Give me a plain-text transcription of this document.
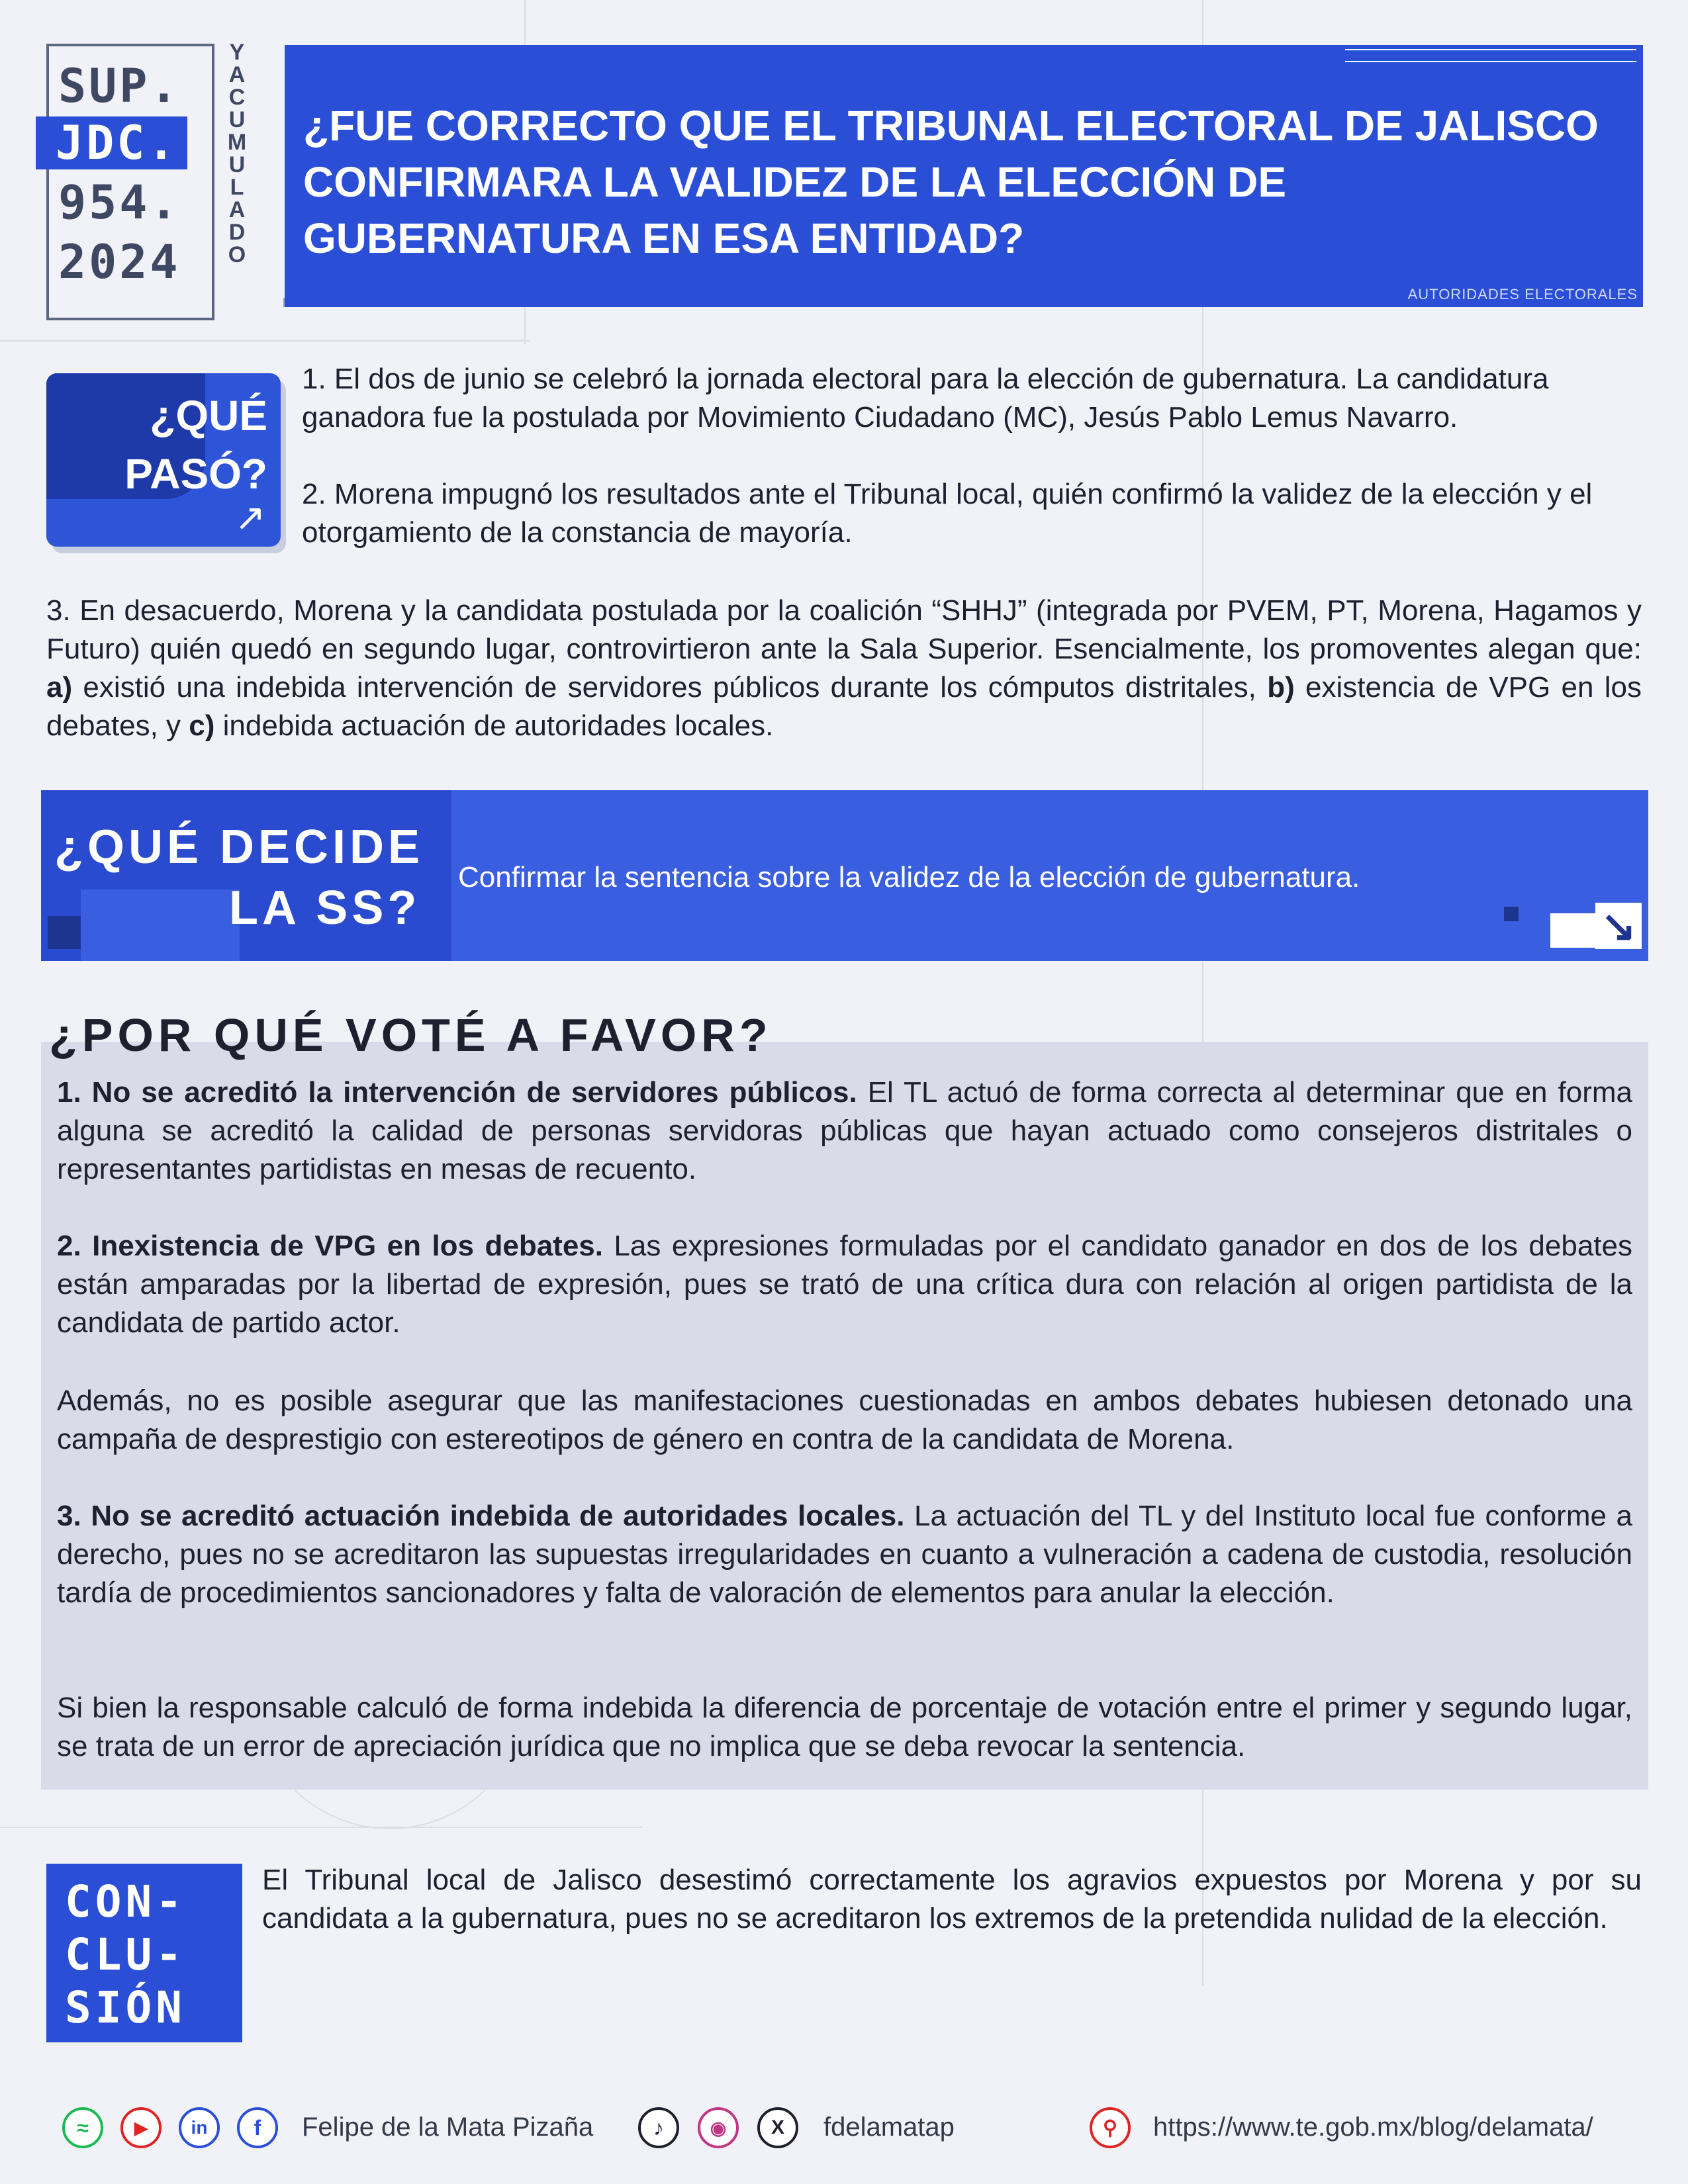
SUP.
JDC.
954.
2024
Y
A
C
U
M
U
L
A
D
O
¿FUE CORRECTO QUE EL TRIBUNAL ELECTORAL DE JALISCO CONFIRMARA LA VALIDEZ DE LA ELECCIÓN DE GUBERNATURA EN ESA ENTIDAD?
AUTORIDADES ELECTORALES
¿QUÉ
PASÓ?
↗
1. El dos de junio se celebró la jornada electoral para la elección de gubernatura. La candidatura ganadora fue la postulada por Movimiento Ciudadano (MC), Jesús Pablo Lemus Navarro.
2. Morena impugnó los resultados ante el Tribunal local, quién confirmó la validez de la elección y el otorgamiento de la constancia de mayoría.
3. En desacuerdo, Morena y la candidata postulada por la coalición “SHHJ” (integrada por PVEM, PT, Morena, Hagamos y Futuro) quién quedó en segundo lugar, controvirtieron ante la Sala Superior. Esencialmente, los promoventes alegan que: a) existió una indebida intervención de servidores públicos durante los cómputos distritales, b) existencia de VPG en los debates, y c) indebida actuación de autoridades locales.
¿QUÉ DECIDE
LA SS?
Confirmar la sentencia sobre la validez de la elección de gubernatura.
↘
¿POR QUÉ VOTÉ A FAVOR?
1. No se acreditó la intervención de servidores públicos. El TL actuó de forma correcta al determinar que en forma alguna se acreditó la calidad de personas servidoras públicas que hayan actuado como consejeros distritales o representantes partidistas en mesas de recuento.
2. Inexistencia de VPG en los debates. Las expresiones formuladas por el candidato ganador en dos de los debates están amparadas por la libertad de expresión, pues se trató de una crítica dura con relación al origen partidista de la candidata de partido actor.
Además, no es posible asegurar que las manifestaciones cuestionadas en ambos debates hubiesen detonado una campaña de desprestigio con estereotipos de género en contra de la candidata de Morena.
3. No se acreditó actuación indebida de autoridades locales. La actuación del TL y del Instituto local fue conforme a derecho, pues no se acreditaron las supuestas irregularidades en cuanto a vulneración a cadena de custodia, resolución tardía de procedimientos sancionadores y falta de valoración de elementos para anular la elección.
Si bien la responsable calculó de forma indebida la diferencia de porcentaje de votación entre el primer y segundo lugar, se trata de un error de apreciación jurídica que no implica que se deba revocar la sentencia.
CON-
CLU-
SIÓN
El Tribunal local de Jalisco desestimó correctamente los agravios expuestos por Morena y por su candidata a la gubernatura, pues no se acreditaron los extremos de la pretendida nulidad de la elección.
≈	▶	in	f	Felipe de la Mata Pizaña	♪	◉	X	fdelamatap	⚲	https://www.te.gob.mx/blog/delamata/
